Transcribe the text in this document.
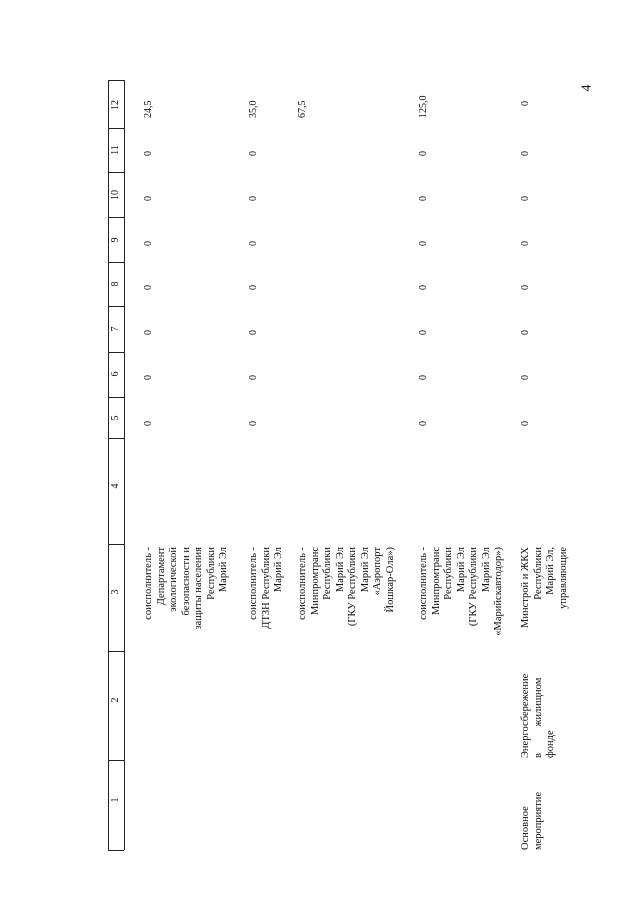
4
1
2
3
4
5
6
7
8
9
10
11
12
соисполнитель -
Департамент
экологической
безопасности и
защиты населения
Республики
Марий Эл
0
0
0
0
0
0
0
24,5
соисполнитель -
ДТЗН Республики
Марий Эл
0
0
0
0
0
0
0
35,0
соисполнитель -
Минпромтранс
Республики
Марий Эл
(ГКУ Республики
Марий Эл
«Аэропорт
Йошкар-Ола»)
67,5
соисполнитель -
Минпромтранс
Республики
Марий Эл
(ГКУ Республики
Марий Эл
«Марийскавтодор»)
0
0
0
0
0
0
0
125,0
Основное
мероприятие
Энергосбережение
в          жилищном
фонде
Минстрой и ЖКХ
Республики
Марий Эл,
управляющие
0
0
0
0
0
0
0
0
